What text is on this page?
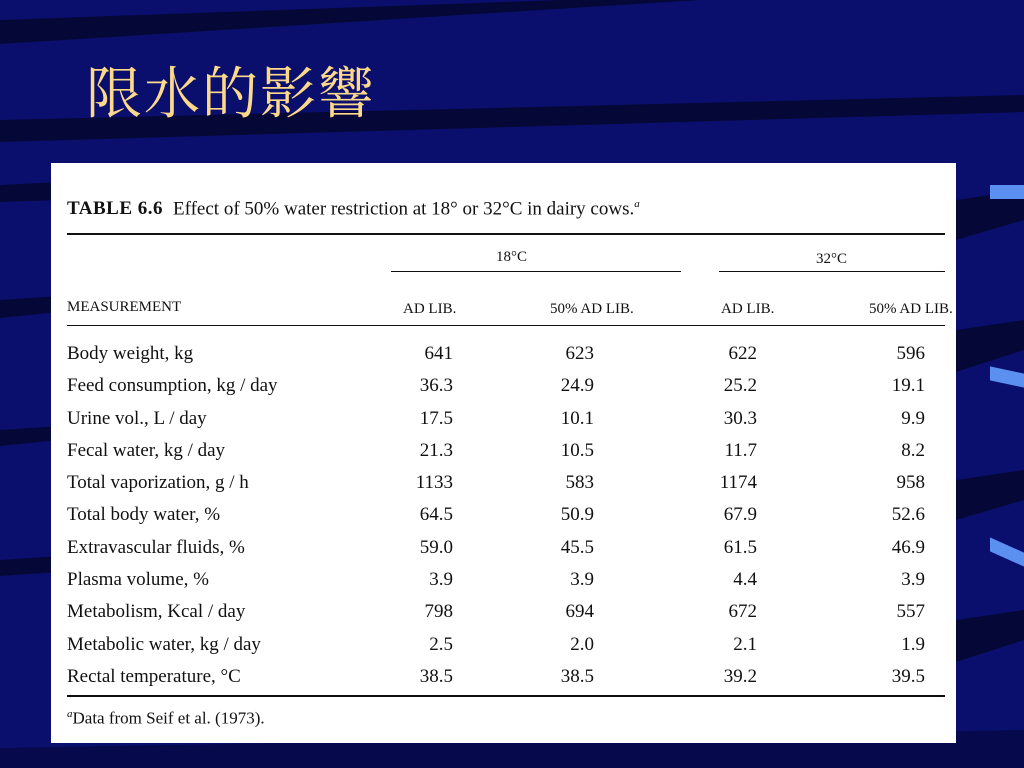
限水的影響
TABLE 6.6 Effect of 50% water restriction at 18° or 32°C in dairy cows.$^a$
18°C	32°C
MEASUREMENT	AD LIB.	50% AD LIB.	AD LIB.	50% AD LIB.
Body weight, kg	641	623	622	596
Feed consumption, kg / day	36.3	24.9	25.2	19.1
Urine vol., L / day	17.5	10.1	30.3	9.9
Fecal water, kg / day	21.3	10.5	11.7	8.2
Total vaporization, g / h	1133	583	1174	958
Total body water, %	64.5	50.9	67.9	52.6
Extravascular fluids, %	59.0	45.5	61.5	46.9
Plasma volume, %	3.9	3.9	4.4	3.9
Metabolism, Kcal / day	798	694	672	557
Metabolic water, kg / day	2.5	2.0	2.1	1.9
Rectal temperature, °C	38.5	38.5	39.2	39.5
$^a$Data from Seif et al. (1973).
